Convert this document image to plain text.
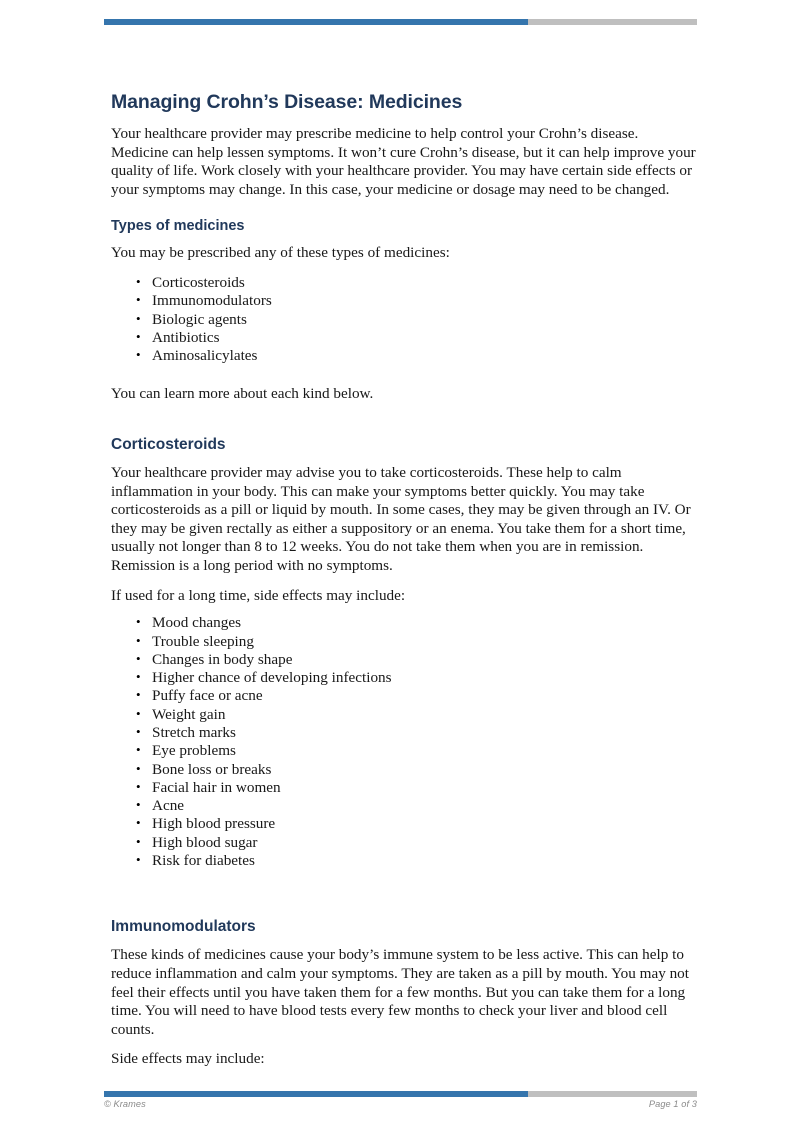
Managing Crohn’s Disease: Medicines

Your healthcare provider may prescribe medicine to help control your Crohn’s disease. Medicine can help lessen symptoms. It won’t cure Crohn’s disease, but it can help improve your quality of life. Work closely with your healthcare provider. You may have certain side effects or your symptoms may change. In this case, your medicine or dosage may need to be changed.

Types of medicines

You may be prescribed any of these types of medicines:

• Corticosteroids
• Immunomodulators
• Biologic agents
• Antibiotics
• Aminosalicylates

You can learn more about each kind below.

Corticosteroids

Your healthcare provider may advise you to take corticosteroids. These help to calm inflammation in your body. This can make your symptoms better quickly. You may take corticosteroids as a pill or liquid by mouth. In some cases, they may be given through an IV. Or they may be given rectally as either a suppository or an enema. You take them for a short time, usually not longer than 8 to 12 weeks. You do not take them when you are in remission. Remission is a long period with no symptoms.

If used for a long time, side effects may include:

• Mood changes
• Trouble sleeping
• Changes in body shape
• Higher chance of developing infections
• Puffy face or acne
• Weight gain
• Stretch marks
• Eye problems
• Bone loss or breaks
• Facial hair in women
• Acne
• High blood pressure
• High blood sugar
• Risk for diabetes
Immunomodulators

These kinds of medicines cause your body’s immune system to be less active. This can help to reduce inflammation and calm your symptoms. They are taken as a pill by mouth. You may not feel their effects until you have taken them for a few months. But you can take them for a long time. You will need to have blood tests every few months to check your liver and blood cell counts.

Side effects may include:

© Krames	Page 1 of 3
